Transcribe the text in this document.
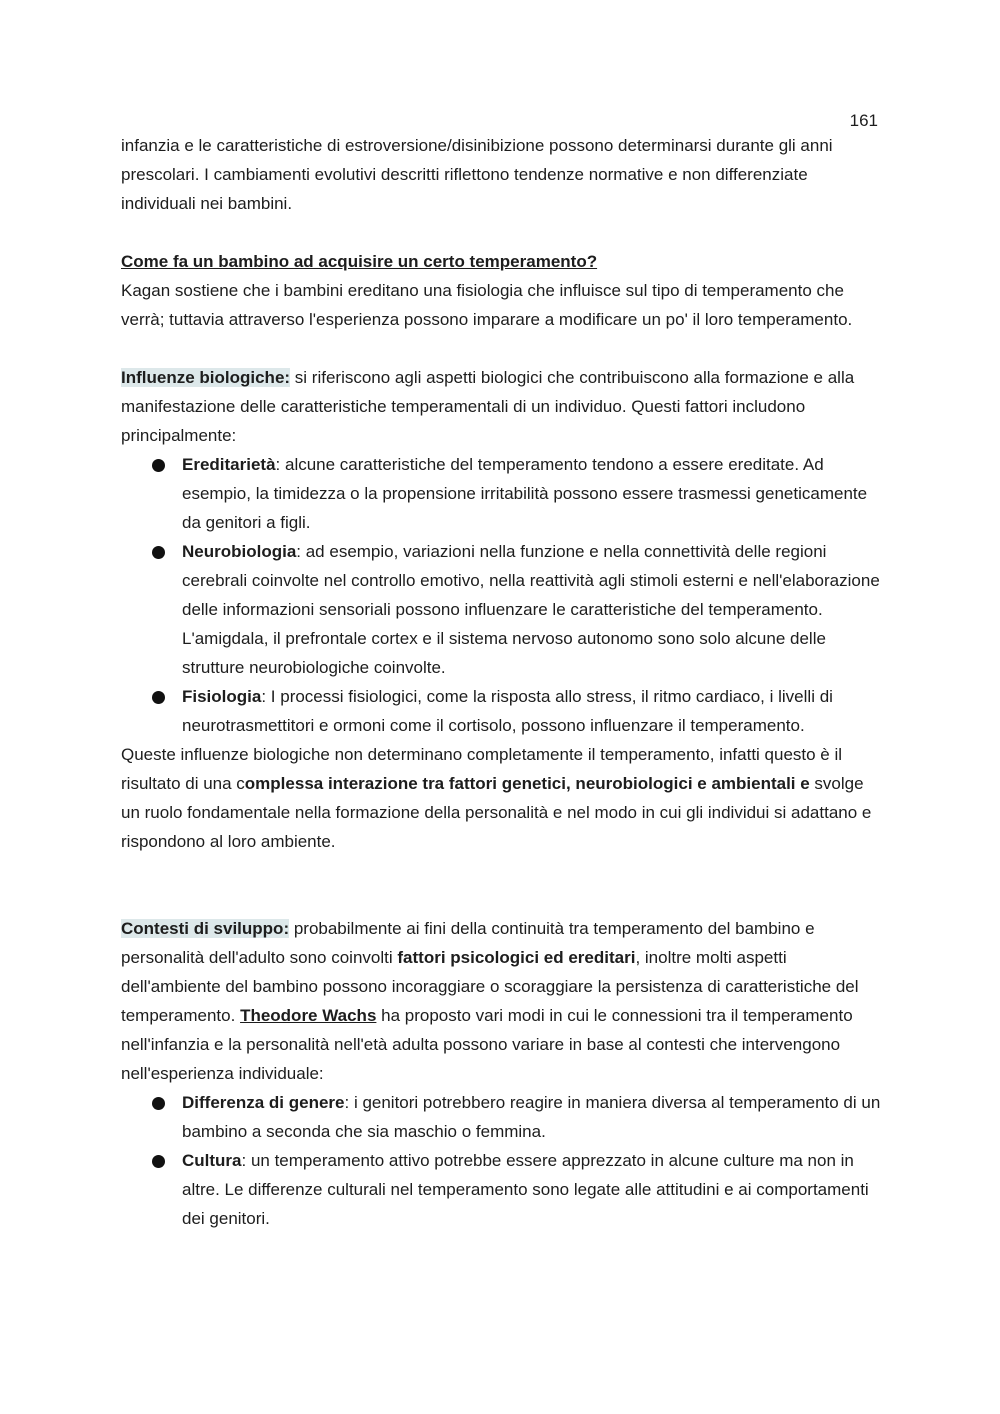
161

infanzia e le caratteristiche di estroversione/disinibizione possono determinarsi durante gli anni prescolari. I cambiamenti evolutivi descritti riflettono tendenze normative e non differenziate individuali nei bambini.

Come fa un bambino ad acquisire un certo temperamento?

Kagan sostiene che i bambini ereditano una fisiologia che influisce sul tipo di temperamento che verrà; tuttavia attraverso l'esperienza possono imparare a modificare un po' il loro temperamento.

Influenze biologiche: si riferiscono agli aspetti biologici che contribuiscono alla formazione e alla manifestazione delle caratteristiche temperamentali di un individuo. Questi fattori includono principalmente:

Ereditarietà: alcune caratteristiche del temperamento tendono a essere ereditate. Ad esempio, la timidezza o la propensione irritabilità possono essere trasmessi geneticamente da genitori a figli.
Neurobiologia: ad esempio, variazioni nella funzione e nella connettività delle regioni cerebrali coinvolte nel controllo emotivo, nella reattività agli stimoli esterni e nell'elaborazione delle informazioni sensoriali possono influenzare le caratteristiche del temperamento. L'amigdala, il prefrontale cortex e il sistema nervoso autonomo sono solo alcune delle strutture neurobiologiche coinvolte.
Fisiologia: I processi fisiologici, come la risposta allo stress, il ritmo cardiaco, i livelli di neurotrasmettitori e ormoni come il cortisolo, possono influenzare il temperamento.

Queste influenze biologiche non determinano completamente il temperamento, infatti questo è il risultato di una complessa interazione tra fattori genetici, neurobiologici e ambientali e svolge un ruolo fondamentale nella formazione della personalità e nel modo in cui gli individui si adattano e rispondono al loro ambiente.

Contesti di sviluppo: probabilmente ai fini della continuità tra temperamento del bambino e personalità dell'adulto sono coinvolti fattori psicologici ed ereditari, inoltre molti aspetti dell'ambiente del bambino possono incoraggiare o scoraggiare la persistenza di caratteristiche del temperamento. Theodore Wachs ha proposto vari modi in cui le connessioni tra il temperamento nell'infanzia e la personalità nell'età adulta possono variare in base al contesti che intervengono nell'esperienza individuale:

Differenza di genere: i genitori potrebbero reagire in maniera diversa al temperamento di un bambino a seconda che sia maschio o femmina.
Cultura: un temperamento attivo potrebbe essere apprezzato in alcune culture ma non in altre. Le differenze culturali nel temperamento sono legate alle attitudini e ai comportamenti dei genitori.
